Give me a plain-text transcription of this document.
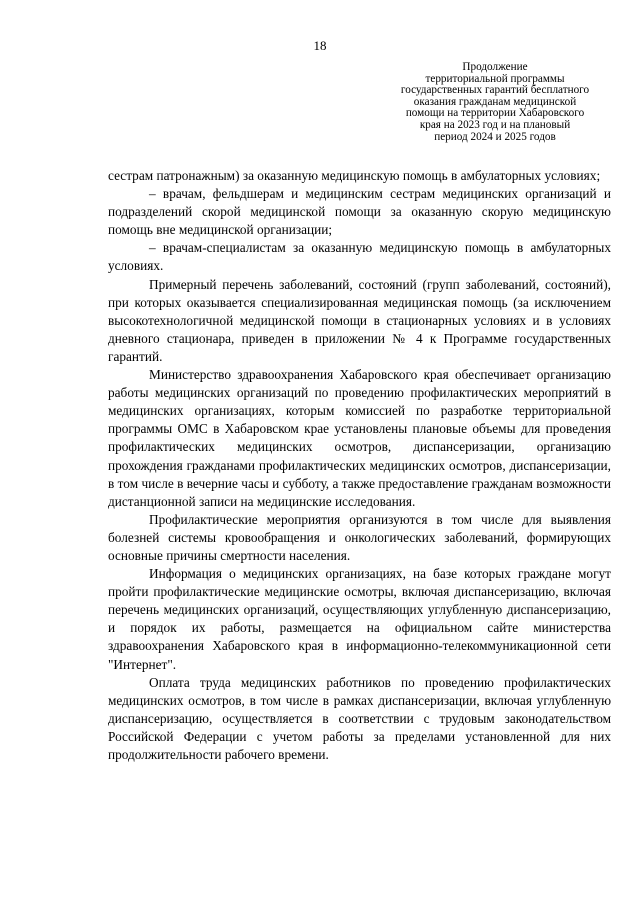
18
Продолжение
территориальной программы
государственных гарантий бесплатного
оказания гражданам медицинской
помощи на территории Хабаровского
края на 2023 год и на плановый
период 2024 и 2025 годов

сестрам патронажным) за оказанную медицинскую помощь в амбулаторных условиях;

– врачам, фельдшерам и медицинским сестрам медицинских организаций и подразделений скорой медицинской помощи за оказанную скорую медицинскую помощь вне медицинской организации;

– врачам-специалистам за оказанную медицинскую помощь в амбулаторных условиях.

Примерный перечень заболеваний, состояний (групп заболеваний, состояний), при которых оказывается специализированная медицинская помощь (за исключением высокотехнологичной медицинской помощи в стационарных условиях и в условиях дневного стационара, приведен в приложении № 4 к Программе государственных гарантий.

Министерство здравоохранения Хабаровского края обеспечивает организацию работы медицинских организаций по проведению профилактических мероприятий в медицинских организациях, которым комиссией по разработке территориальной программы ОМС в Хабаровском крае установлены плановые объемы для проведения профилактических медицинских осмотров, диспансеризации, организацию прохождения гражданами профилактических медицинских осмотров, диспансеризации, в том числе в вечерние часы и субботу, а также предоставление гражданам возможности дистанционной записи на медицинские исследования.

Профилактические мероприятия организуются в том числе для выявления болезней системы кровообращения и онкологических заболеваний, формирующих основные причины смертности населения.

Информация о медицинских организациях, на базе которых граждане могут пройти профилактические медицинские осмотры, включая диспансеризацию, включая перечень медицинских организаций, осуществляющих углубленную диспансеризацию, и порядок их работы, размещается на официальном сайте министерства здравоохранения Хабаровского края в информационно-телекоммуникационной сети "Интернет".

Оплата труда медицинских работников по проведению профилактических медицинских осмотров, в том числе в рамках диспансеризации, включая углубленную диспансеризацию, осуществляется в соответствии с трудовым законодательством Российской Федерации с учетом работы за пределами установленной для них продолжительности рабочего времени.
